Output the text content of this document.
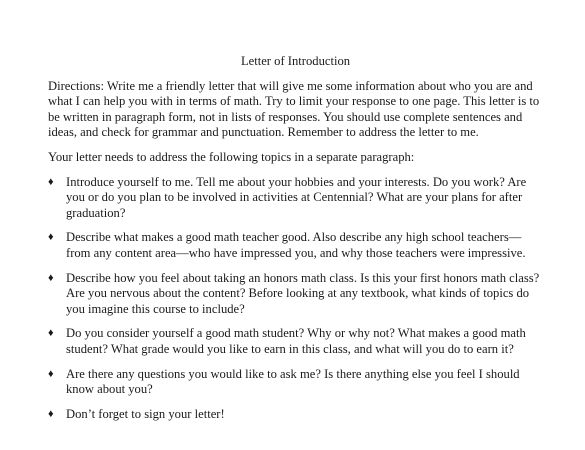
Letter of Introduction
Directions: Write me a friendly letter that will give me some information about who you are and what I can help you with in terms of math. Try to limit your response to one page. This letter is to be written in paragraph form, not in lists of responses. You should use complete sentences and ideas, and check for grammar and punctuation. Remember to address the letter to me.
Your letter needs to address the following topics in a separate paragraph:
♦ Introduce yourself to me. Tell me about your hobbies and your interests. Do you work? Are you or do you plan to be involved in activities at Centennial? What are your plans for after graduation?
♦ Describe what makes a good math teacher good. Also describe any high school teachers—from any content area—who have impressed you, and why those teachers were impressive.
♦ Describe how you feel about taking an honors math class. Is this your first honors math class? Are you nervous about the content? Before looking at any textbook, what kinds of topics do you imagine this course to include?
♦ Do you consider yourself a good math student? Why or why not? What makes a good math student? What grade would you like to earn in this class, and what will you do to earn it?
♦ Are there any questions you would like to ask me? Is there anything else you feel I should know about you?
♦ Don’t forget to sign your letter!
